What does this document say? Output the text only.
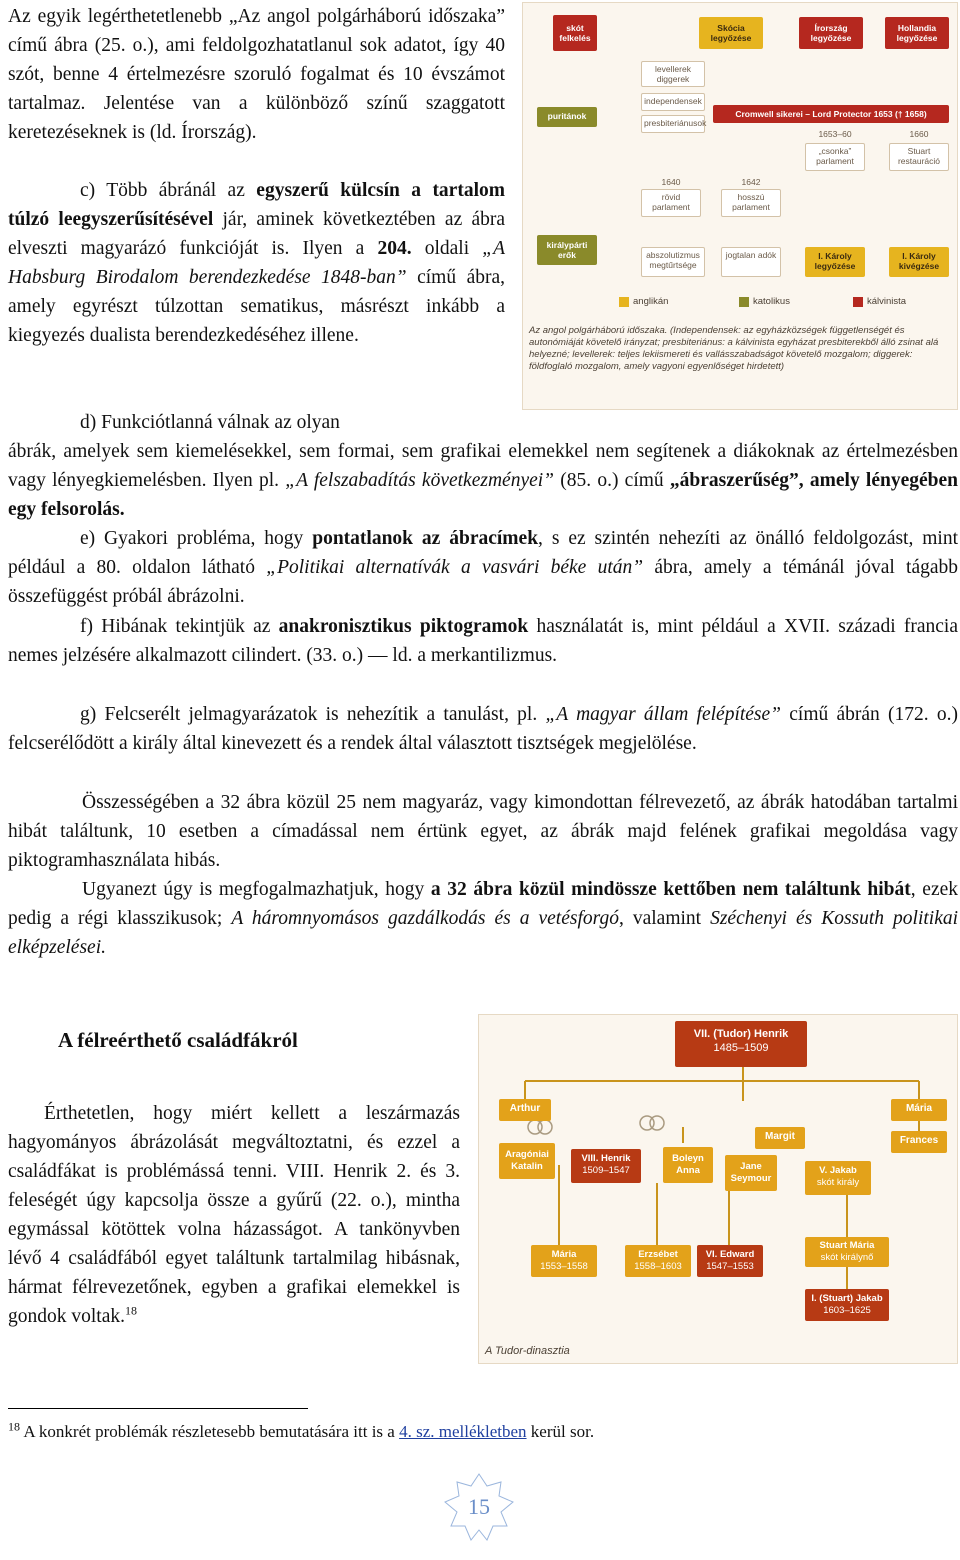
Az egyik legérthetetlenebb „Az angol polgárháború időszaka” című ábra (25. o.), ami feldolgozhatatlanul sok adatot, így 40 szót, benne 4 értelmezésre szoruló fogalmat és 10 évszámot tartalmaz. Jelentése van a különböző színű szaggatott keretezéseknek is (ld. Írország).
c) Több ábránál az egyszerű külcsín a tartalom túlzó leegyszerűsítésével jár, aminek következtében az ábra elveszti magyarázó funkcióját is. Ilyen a 204. oldali „A Habsburg Birodalom berendezkedése 1848-ban” című ábra, amely egyrészt túlzottan sematikus, másrészt inkább a kiegyezés dualista berendezkedéséhez illene.
d) Funkciótlanná válnak az olyan
ábrák, amelyek sem kiemelésekkel, sem formai, sem grafikai elemekkel nem segítenek a diákoknak az értelmezésben vagy lényegkiemelésben. Ilyen pl. „A felszabadítás következményei” (85. o.) című „ábraszerűség”, amely lényegében egy felsorolás.
e) Gyakori probléma, hogy pontatlanok az ábracímek, s ez szintén nehezíti az önálló feldolgozást, mint például a 80. oldalon látható „Politikai alternatívák a vasvári béke után” ábra, amely a témánál jóval tágabb összefüggést próbál ábrázolni.
f) Hibának tekintjük az anakronisztikus piktogramok használatát is, mint például a XVII. századi francia nemes jelzésére alkalmazott cilindert. (33. o.) ― ld. a merkantilizmus.
g) Felcserélt jelmagyarázatok is nehezítik a tanulást, pl. „A magyar állam felépítése” című ábrán (172. o.) felcserélődött a király által kinevezett és a rendek által választott tisztségek megjelölése.
Összességében a 32 ábra közül 25 nem magyaráz, vagy kimondottan félrevezető, az ábrák hatodában tartalmi hibát találtunk, 10 esetben a címadással nem értünk egyet, az ábrák majd felének grafikai megoldása vagy piktogramhasználata hibás.
Ugyanezt úgy is megfogalmazhatjuk, hogy a 32 ábra közül mindössze kettőben nem találtunk hibát, ezek pedig a régi klasszikusok; A háromnyomásos gazdálkodás és a vetésforgó, valamint Széchenyi és Kossuth politikai elképzelései.
A félreérthető családfákról
Érthetetlen, hogy miért kellett a leszármazás hagyományos ábrázolását megváltoztatni, és ezzel a családfákat is problémássá tenni. VIII. Henrik 2. és 3. feleségét úgy kapcsolja össze a gyűrű (22. o.), mintha egymással kötöttek volna házasságot. A tankönyvben lévő 4 családfából egyet találtunk tartalmilag hibásnak, hármat félrevezetőnek, egyben a grafikai elemekkel is gondok voltak.$^{18}$
skót felkelés
Skócia legyőzése
Írország legyőzése
Hollandia legyőzése
levellerek diggerek
independensek
presbiteriánusok
puritánok	Cromwell sikerei – Lord Protector 1653 († 1658)
1653–60	1660
„csonka” parlament
Stuart restauráció
1640	1642
rövid parlament
hosszú parlament
királypárti erők	abszolutizmus megtűrtsége
jogtalan adók	I. Károly legyőzése
I. Károly kivégzése
anglikán	katolikus	kálvinista
Az angol polgárháború időszaka. (Independensek: az egyházközségek függetlenségét és autonómiáját követelő irányzat; presbiteriánus: a kálvinista egyházat presbiterekből álló zsinat alá helyezné; levellerek: teljes lekiismereti és vallásszabadságot követelő mozgalom; diggerek: földfoglaló mozgalom, amely vagyoni egyenlőséget hirdetett)
VII. (Tudor) Henrik
1485–1509
Arthur	Mária
Margit	Frances
Aragóniai Katalin
VIII. Henrik
1509–1547
Boleyn Anna	Jane Seymour
V. Jakab
skót király
Stuart Mária
skót királynő
Mária
1553–1558
Erzsébet
1558–1603
VI. Edward
1547–1553
I. (Stuart) Jakab
1603–1625
A Tudor-dinasztia
$^{18}$ A konkrét problémák részletesebb bemutatására itt is a 4. sz. mellékletben kerül sor.
15
